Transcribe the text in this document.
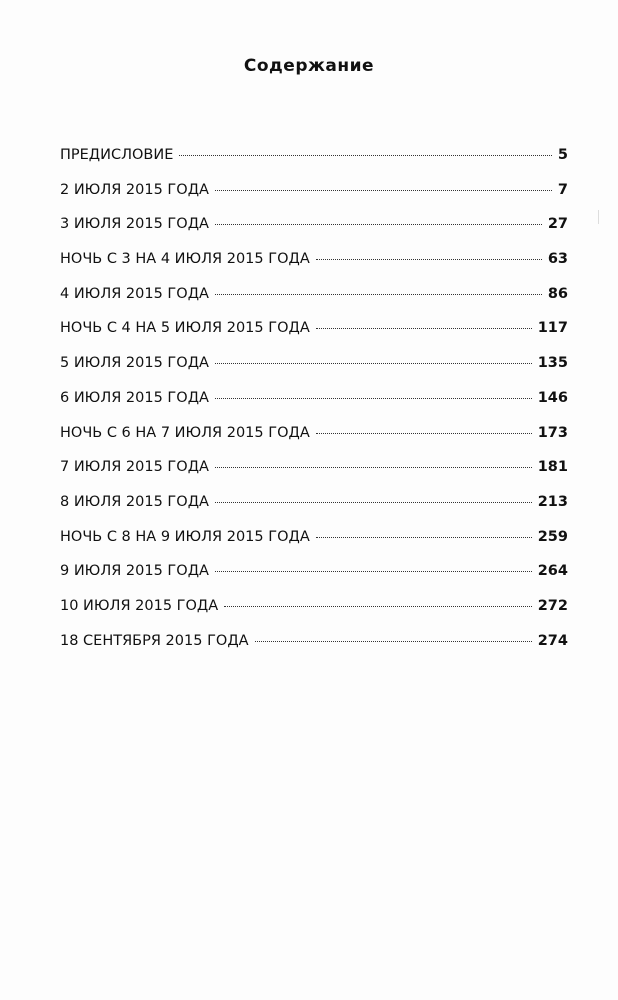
Содержание
ПРЕДИСЛОВИЕ	5
2 ИЮЛЯ 2015 ГОДА	7
3 ИЮЛЯ 2015 ГОДА	27
НОЧЬ С 3 НА 4 ИЮЛЯ 2015 ГОДА	63
4 ИЮЛЯ 2015 ГОДА	86
НОЧЬ С 4 НА 5 ИЮЛЯ 2015 ГОДА	117
5 ИЮЛЯ 2015 ГОДА	135
6 ИЮЛЯ 2015 ГОДА	146
НОЧЬ С 6 НА 7 ИЮЛЯ 2015 ГОДА	173
7 ИЮЛЯ 2015 ГОДА	181
8 ИЮЛЯ 2015 ГОДА	213
НОЧЬ С 8 НА 9 ИЮЛЯ 2015 ГОДА	259
9 ИЮЛЯ 2015 ГОДА	264
10 ИЮЛЯ 2015 ГОДА	272
18 СЕНТЯБРЯ 2015 ГОДА	274
